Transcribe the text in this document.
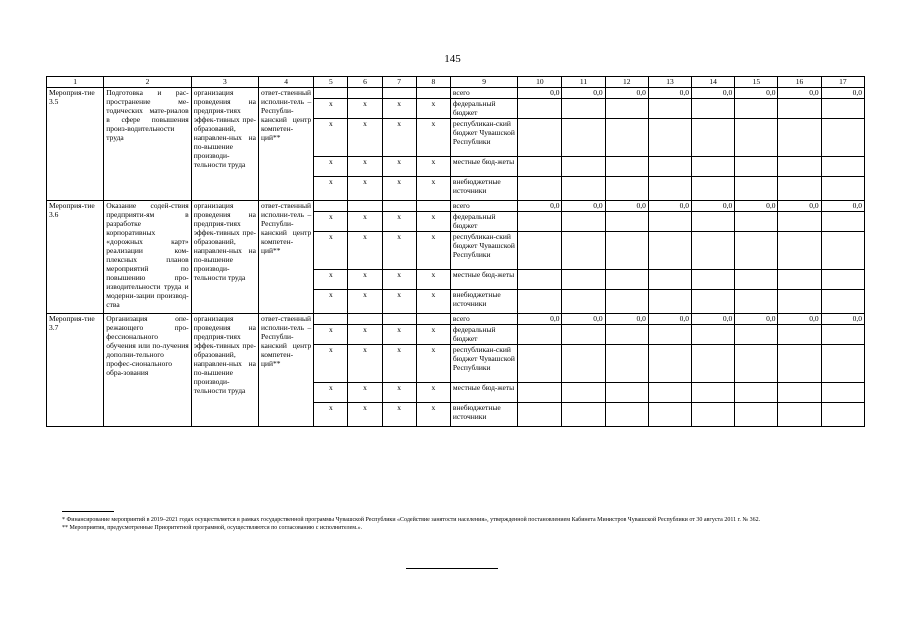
145
1	2	3	4	5	6	7	8	9	10	11	12	13	14	15	16	17
Мероприя-тие 3.5	Подготовка и рас-пространение ме-тодических мате-риалов в сфере повышения произ-водительности труда	организация проведения на предприя-тиях эффек-тивных пре-образований, направлен-ных на по-вышение производи-тельности труда	ответ-ственный исполни-тель – Республи-канский центр компетен-ций**					всего	0,0	0,0	0,0	0,0	0,0	0,0	0,0	0,0
				х	х	х	х	федеральный бюджет								
				х	х	х	х	республикан-ский бюджет Чувашской Республики								
				х	х	х	х	местные бюд-жеты								
				х	х	х	х	внебюджетные источники								
Мероприя-тие 3.6	Оказание содей-ствия предприяти-ям в разработке корпоративных «дорожных карт» реализации ком-плексных планов мероприятий по повышению про-изводительности труда и модерни-зации производ-ства	организация проведения на предприя-тиях эффек-тивных пре-образований, направлен-ных на по-вышение производи-тельности труда	ответ-ственный исполни-тель – Республи-канский центр компетен-ций**					всего	0,0	0,0	0,0	0,0	0,0	0,0	0,0	0,0
				х	х	х	х	федеральный бюджет								
				х	х	х	х	республикан-ский бюджет Чувашской Республики								
				х	х	х	х	местные бюд-жеты								
				х	х	х	х	внебюджетные источники								
Мероприя-тие 3.7	Организация опе-режающего про-фессионального обучения или по-лучения дополни-тельного профес-сионального обра-зования	организация проведения на предприя-тиях эффек-тивных пре-образований, направлен-ных на по-вышение производи-тельности труда	ответ-ственный исполни-тель – Республи-канский центр компетен-ций**					всего	0,0	0,0	0,0	0,0	0,0	0,0	0,0	0,0
				х	х	х	х	федеральный бюджет								
				х	х	х	х	республикан-ский бюджет Чувашской Республики								
				х	х	х	х	местные бюд-жеты								
				х	х	х	х	внебюджетные источники								

* Финансирование мероприятий в 2019–2021 годах осуществляется в рамках государственной программы Чувашской Республики «Содействие занятости населения», утвержденной постановлением Кабинета Министров Чувашской Республики от 30 августа 2011 г. № 362.

** Мероприятия, предусмотренные Приоритетной программой, осуществляются по согласованию с исполнителем.».
